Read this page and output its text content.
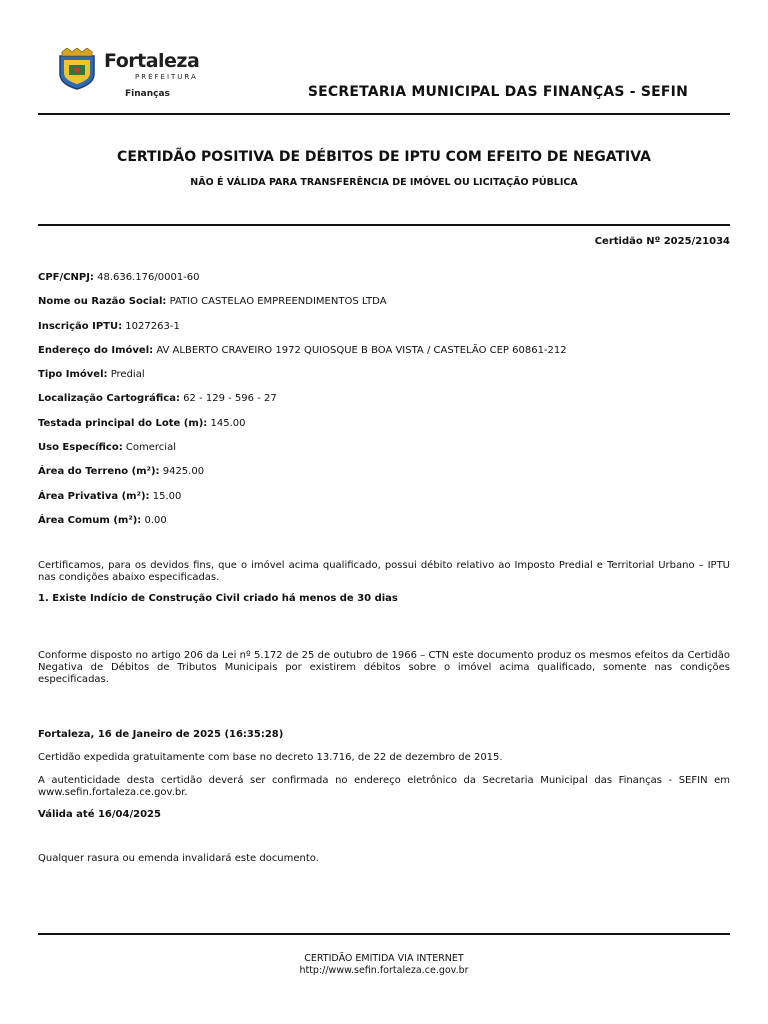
Fortaleza
PREFEITURA
Finanças	SECRETARIA MUNICIPAL DAS FINANÇAS - SEFIN
CERTIDÃO POSITIVA DE DÉBITOS DE IPTU COM EFEITO DE NEGATIVA
NÃO É VÁLIDA PARA TRANSFERÊNCIA DE IMÓVEL OU LICITAÇÃO PÚBLICA
Certidão Nº 2025/21034
CPF/CNPJ: 48.636.176/0001-60
Nome ou Razão Social: PATIO CASTELAO EMPREENDIMENTOS LTDA
Inscrição IPTU: 1027263-1
Endereço do Imóvel: AV ALBERTO CRAVEIRO 1972 QUIOSQUE B BOA VISTA / CASTELÃO CEP 60861-212
Tipo Imóvel: Predial
Localização Cartográfica: 62 - 129 - 596 - 27
Testada principal do Lote (m): 145.00
Uso Específico: Comercial
Área do Terreno (m²): 9425.00
Área Privativa (m²): 15.00
Área Comum (m²): 0.00
Certificamos, para os devidos fins, que o imóvel acima qualificado, possui débito relativo ao Imposto Predial e Territorial Urbano – IPTU nas condições abaixo especificadas.
1. Existe Indício de Construção Civil criado há menos de 30 dias
Conforme disposto no artigo 206 da Lei nº 5.172 de 25 de outubro de 1966 – CTN este documento produz os mesmos efeitos da Certidão Negativa de Débitos de Tributos Municipais por existirem débitos sobre o imóvel acima qualificado, somente nas condições especificadas.
Fortaleza, 16 de Janeiro de 2025 (16:35:28)
Certidão expedida gratuitamente com base no decreto 13.716, de 22 de dezembro de 2015.
A autenticidade desta certidão deverá ser confirmada no endereço eletrônico da Secretaria Municipal das Finanças - SEFIN em www.sefin.fortaleza.ce.gov.br.
Válida até 16/04/2025
Qualquer rasura ou emenda invalidará este documento.
CERTIDÃO EMITIDA VIA INTERNET
http://www.sefin.fortaleza.ce.gov.br
